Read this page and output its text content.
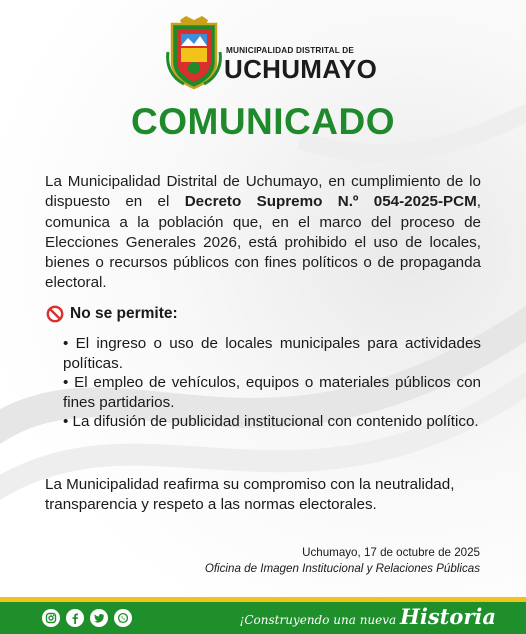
MUNICIPALIDAD DISTRITAL DE
UCHUMAYO
COMUNICADO
La Municipalidad Distrital de Uchumayo, en cumplimiento de lo dispuesto en el Decreto Supremo N.º 054-2025-PCM, comunica a la población que, en el marco del proceso de Elecciones Generales 2026, está prohibido el uso de locales, bienes o recursos públicos con fines políticos o de propaganda electoral.
No se permite:
• El ingreso o uso de locales municipales para actividades políticas.
• El empleo de vehículos, equipos o materiales públicos con fines partidarios.
• La difusión de publicidad institucional con contenido político.
La Municipalidad reafirma su compromiso con la neutralidad, transparencia y respeto a las normas electorales.
Uchumayo, 17 de octubre de 2025
Oficina de Imagen Institucional y Relaciones Públicas
¡Construyendo una nueva Historia
